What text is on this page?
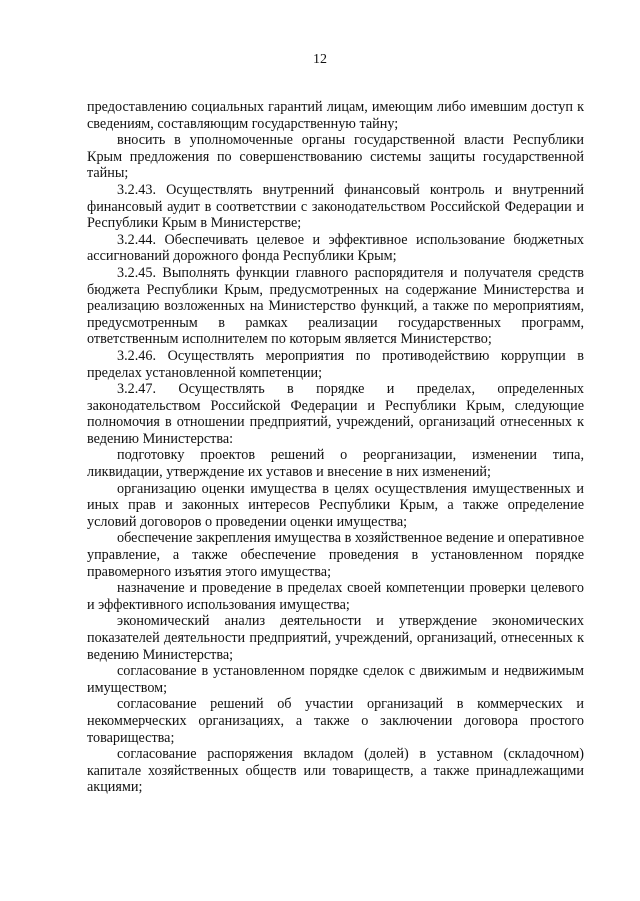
12

предоставлению социальных гарантий лицам, имеющим либо имевшим доступ к сведениям, составляющим государственную тайну;

вносить в уполномоченные органы государственной власти Республики Крым предложения по совершенствованию системы защиты государственной тайны;

3.2.43. Осуществлять внутренний финансовый контроль и внутренний финансовый аудит в соответствии с законодательством Российской Федерации и Республики Крым в Министерстве;

3.2.44. Обеспечивать целевое и эффективное использование бюджетных ассигнований дорожного фонда Республики Крым;

3.2.45. Выполнять функции главного распорядителя и получателя средств бюджета Республики Крым, предусмотренных на содержание Министерства и реализацию возложенных на Министерство функций, а также по мероприятиям, предусмотренным в рамках реализации государственных программ, ответственным исполнителем по которым является Министерство;

3.2.46. Осуществлять мероприятия по противодействию коррупции в пределах установленной компетенции;

3.2.47. Осуществлять в порядке и пределах, определенных законодательством Российской Федерации и Республики Крым, следующие полномочия в отношении предприятий, учреждений, организаций отнесенных к ведению Министерства:

подготовку проектов решений о реорганизации, изменении типа, ликвидации, утверждение их уставов и внесение в них изменений;

организацию оценки имущества в целях осуществления имущественных и иных прав и законных интересов Республики Крым, а также определение условий договоров о проведении оценки имущества;

обеспечение закрепления имущества в хозяйственное ведение и оперативное управление, а также обеспечение проведения в установленном порядке правомерного изъятия этого имущества;

назначение и проведение в пределах своей компетенции проверки целевого и эффективного использования имущества;

экономический анализ деятельности и утверждение экономических показателей деятельности предприятий, учреждений, организаций, отнесенных к ведению Министерства;

согласование в установленном порядке сделок с движимым и недвижимым имуществом;

согласование решений об участии организаций в коммерческих и некоммерческих организациях, а также о заключении договора простого товарищества;

согласование распоряжения вкладом (долей) в уставном (складочном) капитале хозяйственных обществ или товариществ, а также принадлежащими акциями;
